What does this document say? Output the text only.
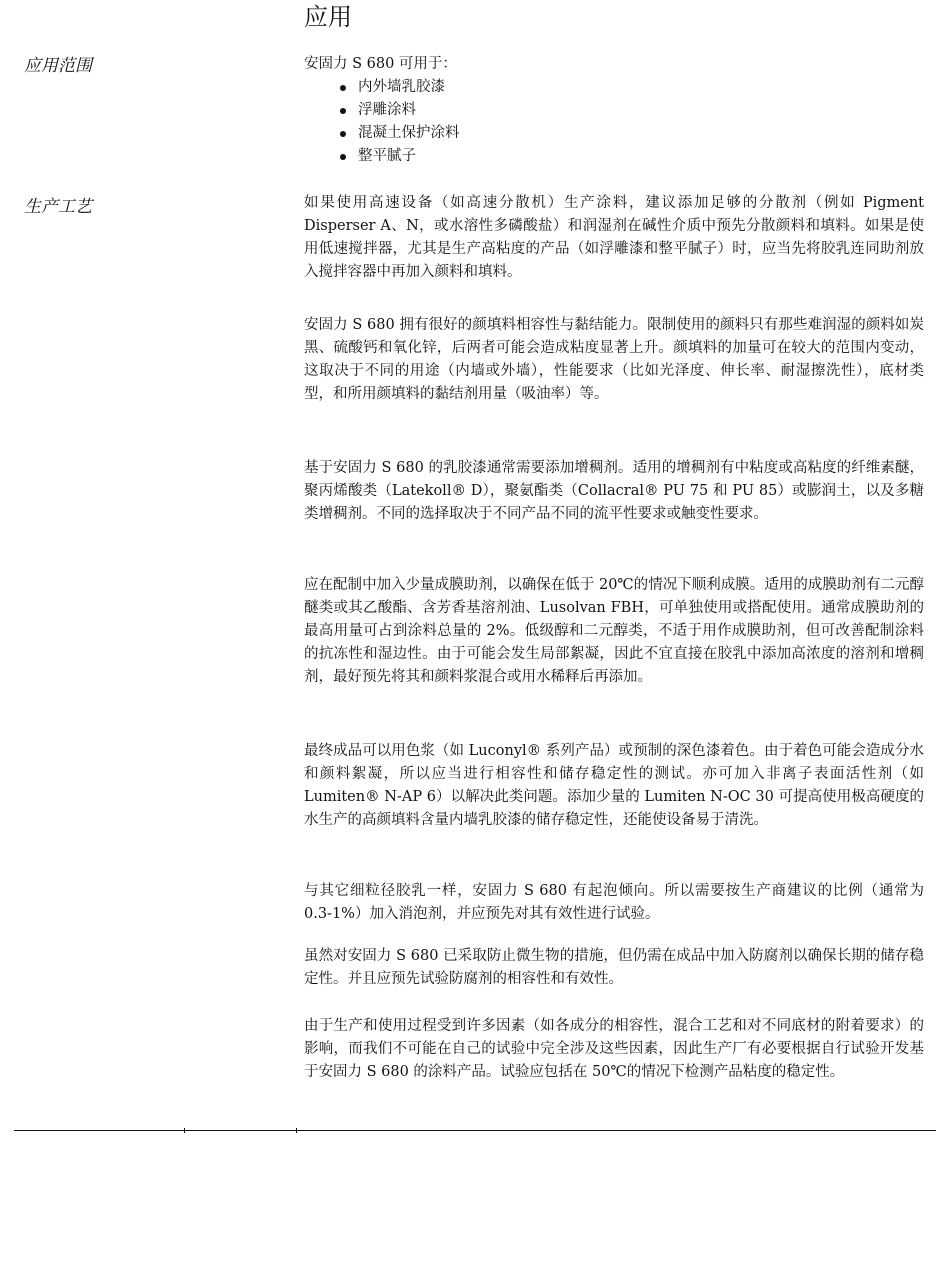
应用
应用范围	安固力 S 680 可用于：

内外墙乳胶漆
浮雕涂料
混凝土保护涂料
整平腻子
生产工艺	如果使用高速设备（如高速分散机）生产涂料，建议添加足够的分散剂（例如 Pigment Disperser A、N，或水溶性多磷酸盐）和润湿剂在碱性介质中预先分散颜料和填料。如果是使用低速搅拌器，尤其是生产高粘度的产品（如浮雕漆和整平腻子）时，应当先将胶乳连同助剂放入搅拌容器中再加入颜料和填料。

安固力 S 680 拥有很好的颜填料相容性与黏结能力。限制使用的颜料只有那些难润湿的颜料如炭黑、硫酸钙和氧化锌，后两者可能会造成粘度显著上升。颜填料的加量可在较大的范围内变动，这取决于不同的用途（内墙或外墙），性能要求（比如光泽度、伸长率、耐湿擦洗性），底材类型，和所用颜填料的黏结剂用量（吸油率）等。

基于安固力 S 680 的乳胶漆通常需要添加增稠剂。适用的增稠剂有中粘度或高粘度的纤维素醚，聚丙烯酸类（Latekoll® D），聚氨酯类（Collacral® PU 75 和 PU 85）或膨润土，以及多糖类增稠剂。不同的选择取决于不同产品不同的流平性要求或触变性要求。

应在配制中加入少量成膜助剂，以确保在低于 20℃的情况下顺利成膜。适用的成膜助剂有二元醇醚类或其乙酸酯、含芳香基溶剂油、Lusolvan FBH，可单独使用或搭配使用。通常成膜助剂的最高用量可占到涂料总量的 2%。低级醇和二元醇类，不适于用作成膜助剂，但可改善配制涂料的抗冻性和湿边性。由于可能会发生局部絮凝，因此不宜直接在胶乳中添加高浓度的溶剂和增稠剂，最好预先将其和颜料浆混合或用水稀释后再添加。

最终成品可以用色浆（如 Luconyl® 系列产品）或预制的深色漆着色。由于着色可能会造成分水和颜料絮凝，所以应当进行相容性和储存稳定性的测试。亦可加入非离子表面活性剂（如 Lumiten® N-AP 6）以解决此类问题。添加少量的 Lumiten N-OC 30 可提高使用极高硬度的水生产的高颜填料含量内墙乳胶漆的储存稳定性，还能使设备易于清洗。

与其它细粒径胶乳一样，安固力 S 680 有起泡倾向。所以需要按生产商建议的比例（通常为 0.3-1%）加入消泡剂，并应预先对其有效性进行试验。

虽然对安固力 S 680 已采取防止微生物的措施，但仍需在成品中加入防腐剂以确保长期的储存稳定性。并且应预先试验防腐剂的相容性和有效性。

由于生产和使用过程受到许多因素（如各成分的相容性，混合工艺和对不同底材的附着要求）的影响，而我们不可能在自己的试验中完全涉及这些因素，因此生产厂有必要根据自行试验开发基于安固力 S 680 的涂料产品。试验应包括在 50℃的情况下检测产品粘度的稳定性。
